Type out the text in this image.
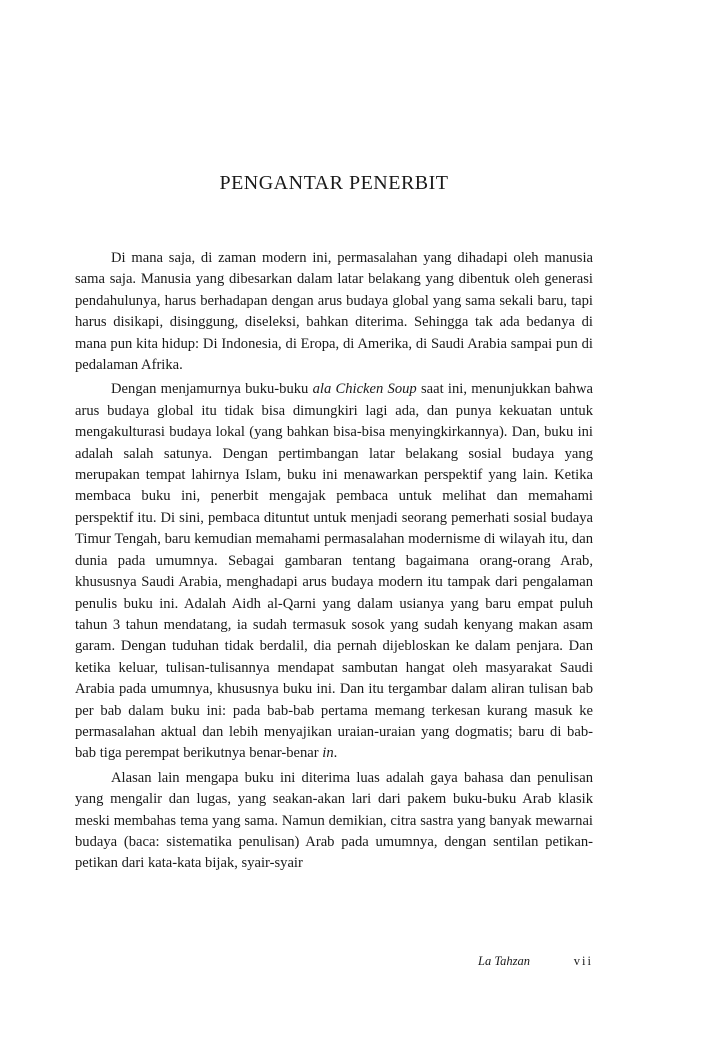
PENGANTAR PENERBIT

Di mana saja, di zaman modern ini, permasalahan yang dihadapi oleh manusia sama saja. Manusia yang dibesarkan dalam latar belakang yang dibentuk oleh generasi pendahulunya, harus berhadapan dengan arus budaya global yang sama sekali baru, tapi harus disikapi, disinggung, diseleksi, bahkan diterima. Sehingga tak ada bedanya di mana pun kita hidup: Di Indonesia, di Eropa, di Amerika, di Saudi Arabia sampai pun di pedalaman Afrika.

Dengan menjamurnya buku-buku ala Chicken Soup saat ini, menunjukkan bahwa arus budaya global itu tidak bisa dimungkiri lagi ada, dan punya kekuatan untuk mengakulturasi budaya lokal (yang bahkan bisa-bisa menyingkirkannya). Dan, buku ini adalah salah satunya. Dengan pertimbangan latar belakang sosial budaya yang merupakan tempat lahirnya Islam, buku ini menawarkan perspektif yang lain. Ketika membaca buku ini, penerbit mengajak pembaca untuk melihat dan memahami perspektif itu. Di sini, pembaca dituntut untuk menjadi seorang pemerhati sosial budaya Timur Tengah, baru kemudian memahami permasalahan modernisme di wilayah itu, dan dunia pada umumnya. Sebagai gambaran tentang bagaimana orang-orang Arab, khususnya Saudi Arabia, menghadapi arus budaya modern itu tampak dari pengalaman penulis buku ini. Adalah Aidh al-Qarni yang dalam usianya yang baru empat puluh tahun 3 tahun mendatang, ia sudah termasuk sosok yang sudah kenyang makan asam garam. Dengan tuduhan tidak berdalil, dia pernah dijebloskan ke dalam penjara. Dan ketika keluar, tulisan-tulisannya mendapat sambutan hangat oleh masyarakat Saudi Arabia pada umumnya, khususnya buku ini. Dan itu tergambar dalam aliran tulisan bab per bab dalam buku ini: pada bab-bab pertama memang terkesan kurang masuk ke permasalahan aktual dan lebih menyajikan uraian-uraian yang dogmatis; baru di bab-bab tiga perempat berikutnya benar-benar in.

Alasan lain mengapa buku ini diterima luas adalah gaya bahasa dan penulisan yang mengalir dan lugas, yang seakan-akan lari dari pakem buku-buku Arab klasik meski membahas tema yang sama. Namun demikian, citra sastra yang banyak mewarnai budaya (baca: sistematika penulisan) Arab pada umumnya, dengan sentilan petikan-petikan dari kata-kata bijak, syair-syair

La Tahzan	vii
